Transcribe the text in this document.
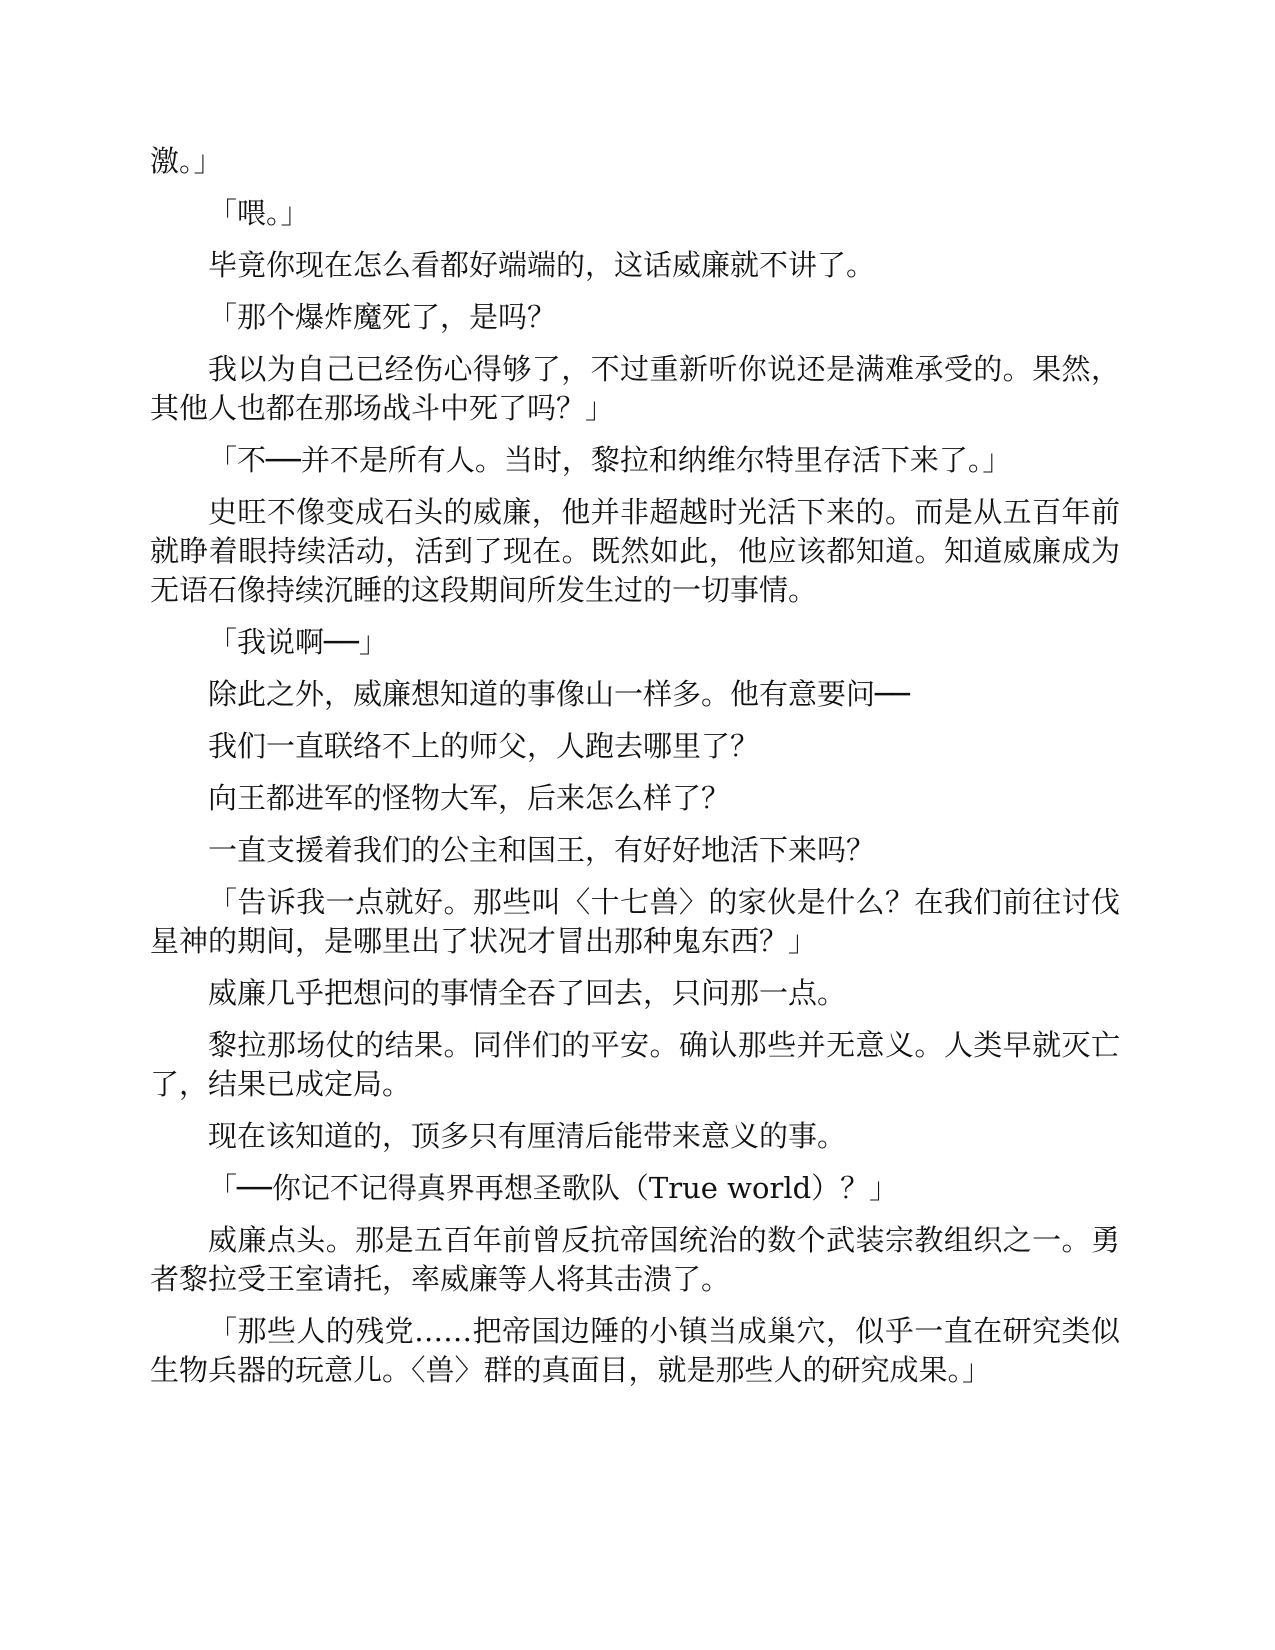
激。」

「喂。」

毕竟你现在怎么看都好端端的，这话威廉就不讲了。

「那个爆炸魔死了，是吗？

我以为自己已经伤心得够了，不过重新听你说还是满难承受的。果然，其他人也都在那场战斗中死了吗？」

「不──并不是所有人。当时，黎拉和纳维尔特里存活下来了。」

史旺不像变成石头的威廉，他并非超越时光活下来的。而是从五百年前就睁着眼持续活动，活到了现在。既然如此，他应该都知道。知道威廉成为无语石像持续沉睡的这段期间所发生过的一切事情。

「我说啊──」

除此之外，威廉想知道的事像山一样多。他有意要问──

我们一直联络不上的师父，人跑去哪里了？

向王都进军的怪物大军，后来怎么样了？

一直支援着我们的公主和国王，有好好地活下来吗？

「告诉我一点就好。那些叫〈十七兽〉的家伙是什么？在我们前往讨伐星神的期间，是哪里出了状况才冒出那种鬼东西？」

威廉几乎把想问的事情全吞了回去，只问那一点。

黎拉那场仗的结果。同伴们的平安。确认那些并无意义。人类早就灭亡了，结果已成定局。

现在该知道的，顶多只有厘清后能带来意义的事。

「──你记不记得真界再想圣歌队（True world）？」

威廉点头。那是五百年前曾反抗帝国统治的数个武装宗教组织之一。勇者黎拉受王室请托，率威廉等人将其击溃了。

「那些人的残党……把帝国边陲的小镇当成巢穴，似乎一直在研究类似生物兵器的玩意儿。〈兽〉群的真面目，就是那些人的研究成果。」
